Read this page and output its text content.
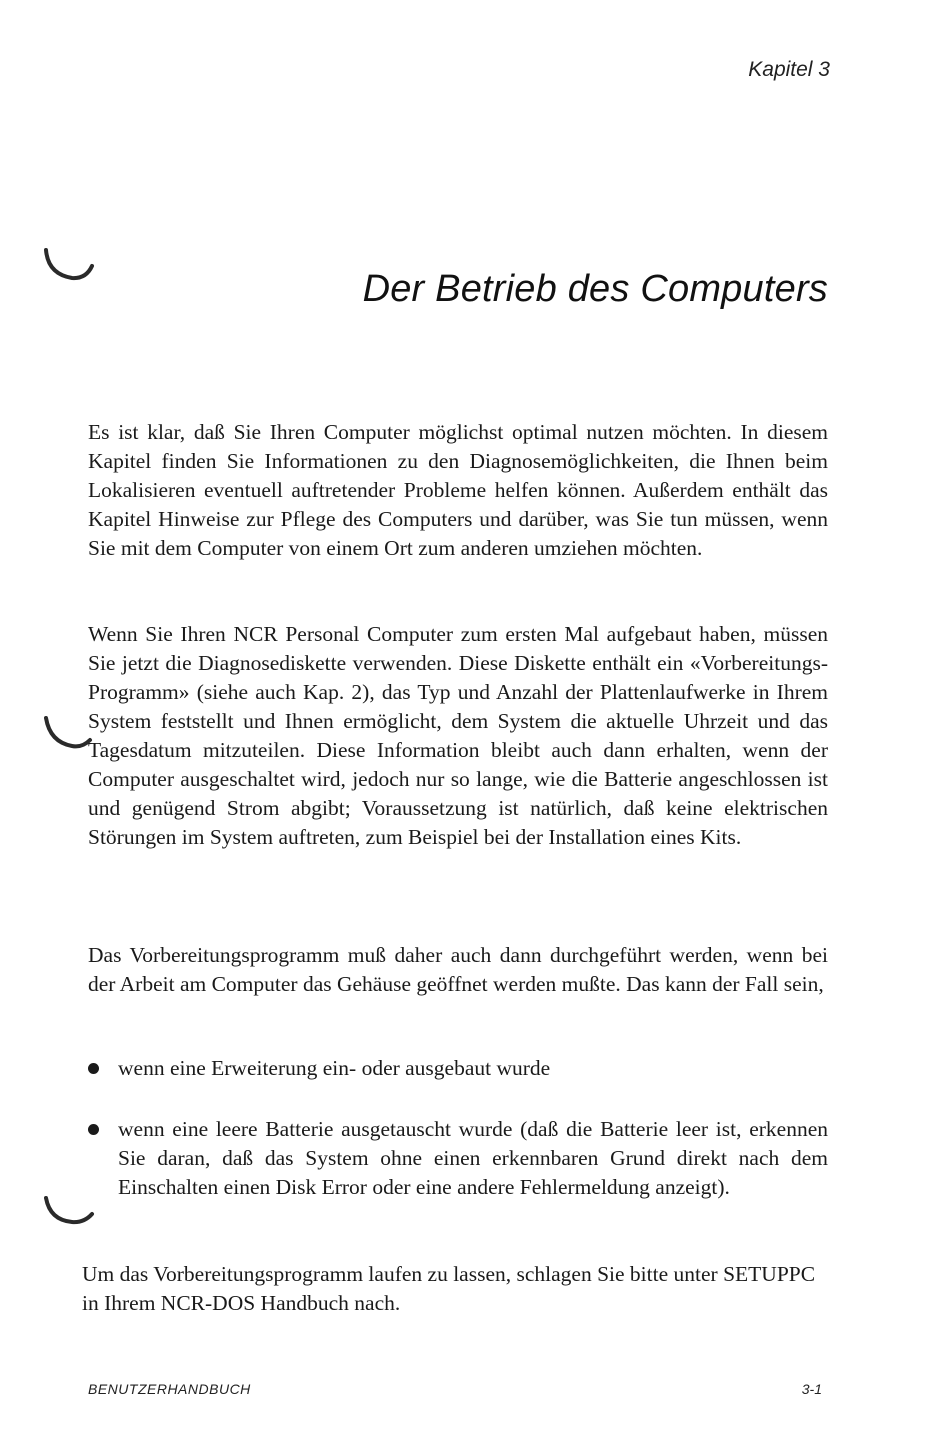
Kapitel 3
Der Betrieb des Computers

Es ist klar, daß Sie Ihren Computer möglichst optimal nutzen möchten. In diesem Kapitel finden Sie Informationen zu den Diagnosemöglichkeiten, die Ihnen beim Lokalisieren eventuell auftretender Probleme helfen können. Außerdem enthält das Kapitel Hinweise zur Pflege des Computers und darüber, was Sie tun müssen, wenn Sie mit dem Computer von einem Ort zum anderen umziehen möchten.

Wenn Sie Ihren NCR Personal Computer zum ersten Mal aufgebaut haben, müssen Sie jetzt die Diagnosediskette verwenden. Diese Diskette enthält ein «Vorbereitungs-Programm» (siehe auch Kap. 2), das Typ und Anzahl der Plattenlaufwerke in Ihrem System feststellt und Ihnen ermöglicht, dem System die aktuelle Uhrzeit und das Tagesdatum mitzuteilen. Diese Information bleibt auch dann erhalten, wenn der Computer ausgeschaltet wird, jedoch nur so lange, wie die Batterie angeschlossen ist und genügend Strom abgibt; Voraussetzung ist natürlich, daß keine elektrischen Störungen im System auftreten, zum Beispiel bei der Installation eines Kits.

Das Vorbereitungsprogramm muß daher auch dann durchgeführt werden, wenn bei der Arbeit am Computer das Gehäuse geöffnet werden mußte. Das kann der Fall sein,

wenn eine Erweiterung ein- oder ausgebaut wurde
wenn eine leere Batterie ausgetauscht wurde (daß die Batterie leer ist, erkennen Sie daran, daß das System ohne einen erkennbaren Grund direkt nach dem Einschalten einen Disk Error oder eine andere Fehlermeldung anzeigt).

Um das Vorbereitungsprogramm laufen zu lassen, schlagen Sie bitte unter SETUPPC in Ihrem NCR-DOS Handbuch nach.

BENUTZERHANDBUCH	3-1
